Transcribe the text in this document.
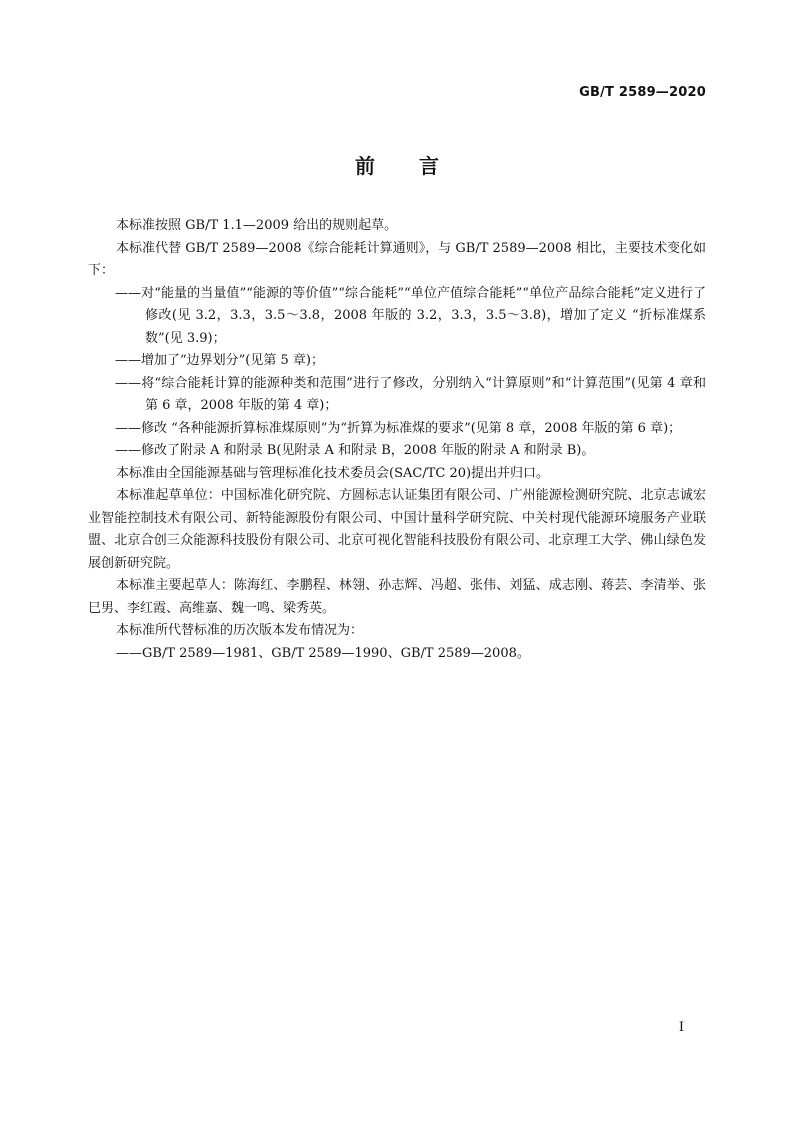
GB/T 2589—2020
前 言

本标准按照 GB/T 1.1—2009 给出的规则起草。

本标准代替 GB/T 2589—2008《综合能耗计算通则》，与 GB/T 2589—2008 相比，主要技术变化如下：

——对“能量的当量值”“能源的等价值”“综合能耗”“单位产值综合能耗”“单位产品综合能耗”定义进行了修改(见 3.2，3.3，3.5～3.8，2008 年版的 3.2，3.3，3.5～3.8)，增加了定义 “折标准煤系数”(见 3.9)；

——增加了“边界划分”(见第 5 章)；

——将“综合能耗计算的能源种类和范围”进行了修改，分别纳入“计算原则”和“计算范围”(见第 4 章和第 6 章，2008 年版的第 4 章)；

——修改 “各种能源折算标准煤原则”为“折算为标准煤的要求”(见第 8 章，2008 年版的第 6 章)；

——修改了附录 A 和附录 B(见附录 A 和附录 B，2008 年版的附录 A 和附录 B)。

本标准由全国能源基础与管理标准化技术委员会(SAC/TC 20)提出并归口。

本标准起草单位：中国标准化研究院、方圆标志认证集团有限公司、广州能源检测研究院、北京志诚宏业智能控制技术有限公司、新特能源股份有限公司、中国计量科学研究院、中关村现代能源环境服务产业联盟、北京合创三众能源科技股份有限公司、北京可视化智能科技股份有限公司、北京理工大学、佛山绿色发展创新研究院。

本标准主要起草人：陈海红、李鹏程、林翎、孙志辉、冯超、张伟、刘猛、成志刚、蒋芸、李清举、张巳男、李红霞、高维嘉、魏一鸣、梁秀英。

本标准所代替标准的历次版本发布情况为：

——GB/T 2589—1981、GB/T 2589—1990、GB/T 2589—2008。

I
